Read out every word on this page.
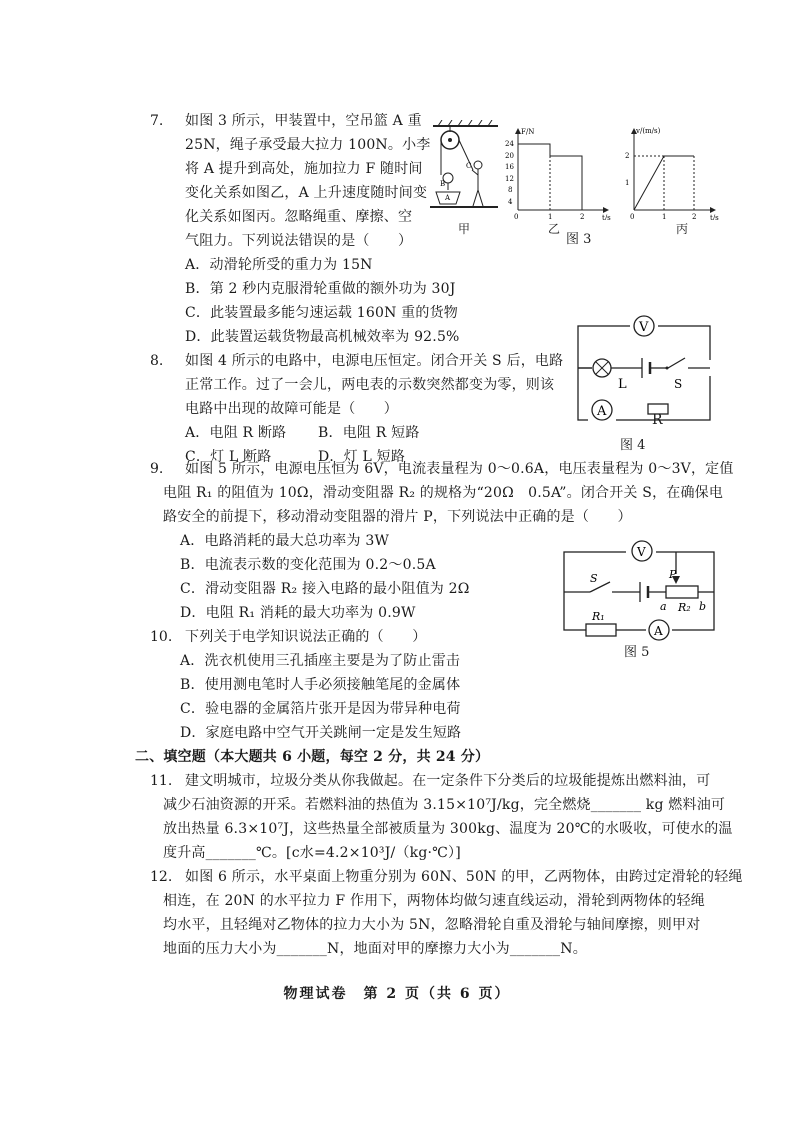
7. 如图 3 所示，甲装置中，空吊篮 A 重
25N，绳子承受最大拉力 100N。小李
将 A 提升到高处，施加拉力 F 随时间
变化关系如图乙，A 上升速度随时间变
化关系如图丙。忽略绳重、摩擦、空
气阻力。下列说法错误的是（　　）
B
A
C
甲
F/N
t/s
24
20
16
12
8
4
0	1	2
乙
图 3
v/(m/s)
t/s
2
1
0	1	2
丙
A．动滑轮所受的重力为 15N
B．第 2 秒内克服滑轮重做的额外功为 30J
C．此装置最多能匀速运载 160N 重的货物
D．此装置运载货物最高机械效率为 92.5%
8. 如图 4 所示的电路中，电源电压恒定。闭合开关 S 后，电路
正常工作。过了一会儿，两电表的示数突然都变为零，则该
电路中出现的故障可能是（　　）
A．电阻 R 断路 B．电阻 R 短路
C．灯 L 断路	D．灯 L 短路
V
L	S
A
R
图 4
9. 如图 5 所示，电源电压恒为 6V，电流表量程为 0～0.6A，电压表量程为 0～3V，定值
电阻 R₁ 的阻值为 10Ω，滑动变阻器 R₂ 的规格为“20Ω　0.5A”。闭合开关 S，在确保电
路安全的前提下，移动滑动变阻器的滑片 P，下列说法中正确的是（　　）
A．电路消耗的最大总功率为 3W
B．电流表示数的变化范围为 0.2～0.5A
C．滑动变阻器 R₂ 接入电路的最小阻值为 2Ω
D．电阻 R₁ 消耗的最大功率为 0.9W
V
S	P
a R₂ b
R₁
A
图 5
10. 下列关于电学知识说法正确的（　　）
A．洗衣机使用三孔插座主要是为了防止雷击
B．使用测电笔时人手必须接触笔尾的金属体
C．验电器的金属箔片张开是因为带异种电荷
D．家庭电路中空气开关跳闸一定是发生短路
二、填空题（本大题共 6 小题，每空 2 分，共 24 分）
11. 建文明城市，垃圾分类从你我做起。在一定条件下分类后的垃圾能提炼出燃料油，可
减少石油资源的开采。若燃料油的热值为 3.15×10⁷J/kg，完全燃烧_______ kg 燃料油可
放出热量 6.3×10⁷J，这些热量全部被质量为 300kg、温度为 20℃的水吸收，可使水的温
度升高_______℃。[c水=4.2×10³J/（kg·℃）]
12. 如图 6 所示，水平桌面上物重分别为 60N、50N 的甲，乙两物体，由跨过定滑轮的轻绳
相连，在 20N 的水平拉力 F 作用下，两物体均做匀速直线运动，滑轮到两物体的轻绳
均水平，且轻绳对乙物体的拉力大小为 5N，忽略滑轮自重及滑轮与轴间摩擦，则甲对
地面的压力大小为_______N，地面对甲的摩擦力大小为_______N。
物理试卷　第 2 页（共 6 页）
